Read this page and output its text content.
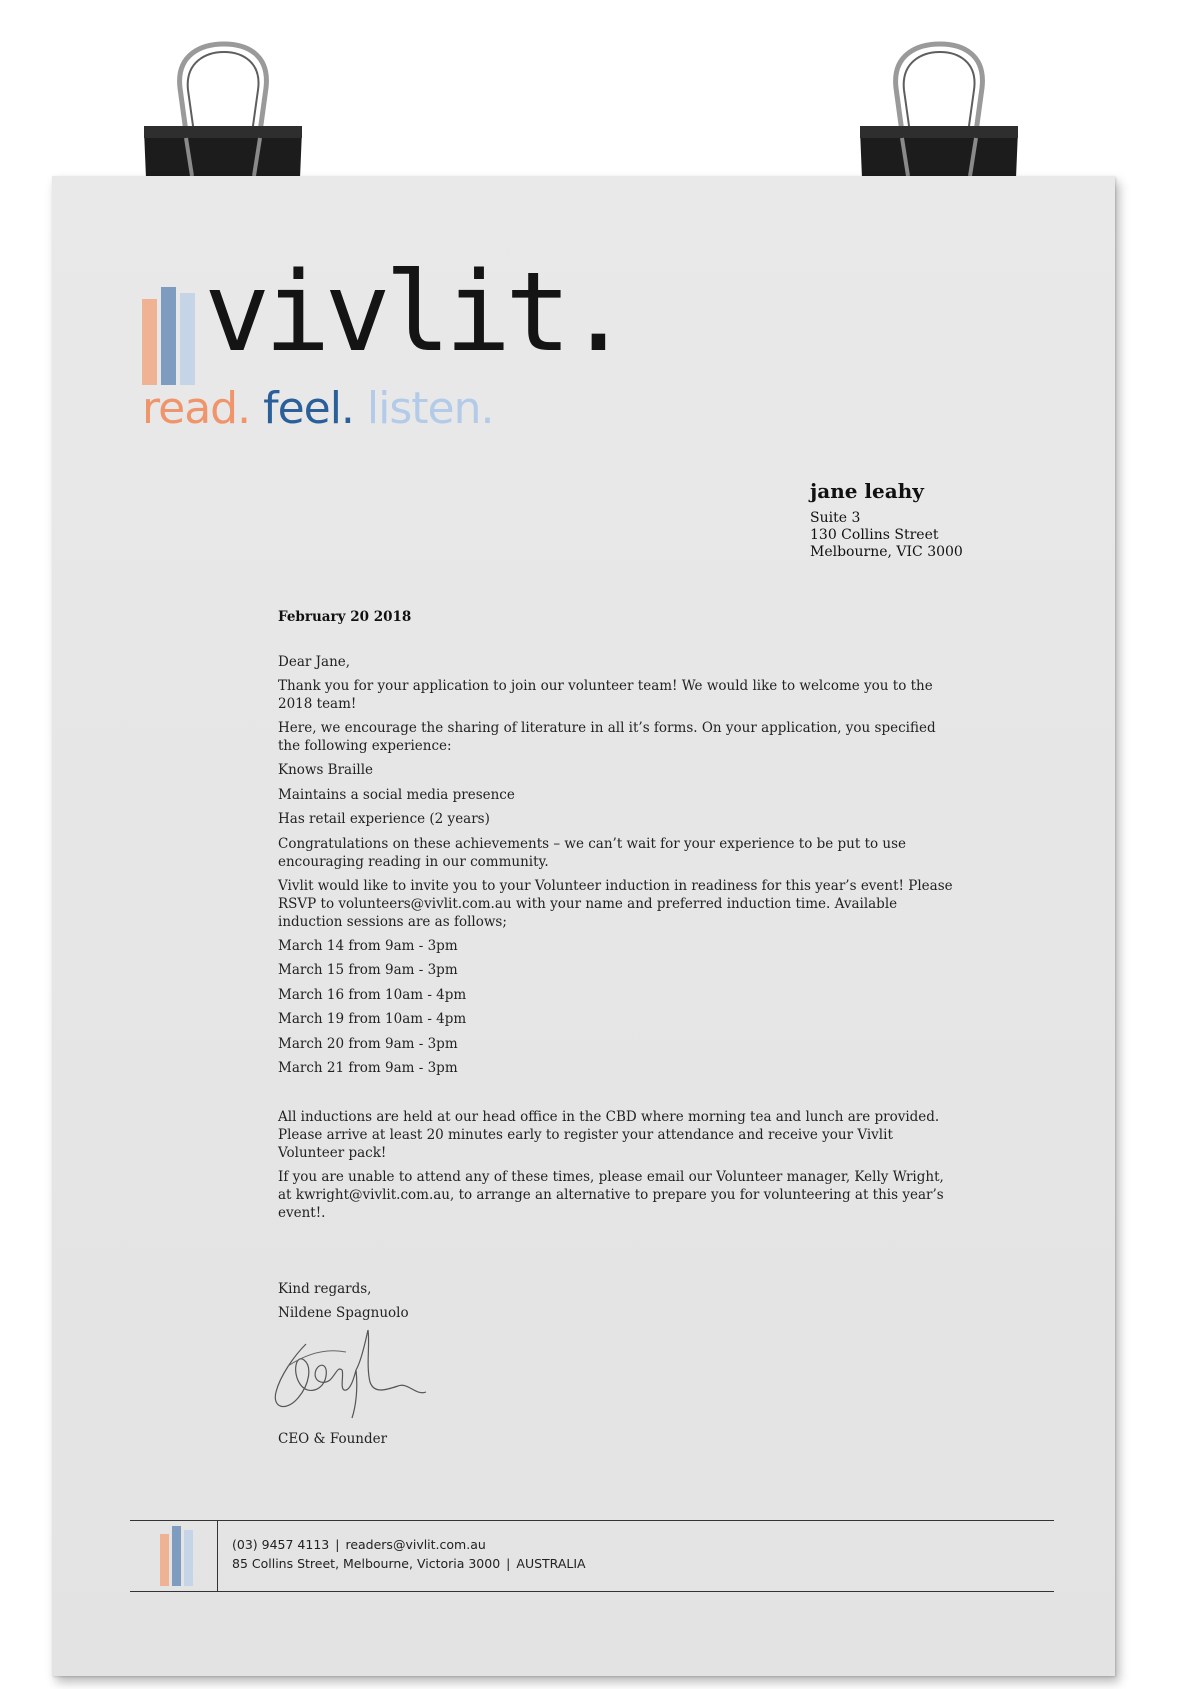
vivlit.
read. feel. listen.
jane leahy
Suite 3
130 Collins Street
Melbourne, VIC 3000
February 20 2018

Dear Jane,

Thank you for your application to join our volunteer team! We would like to welcome you to the 2018 team!

Here, we encourage the sharing of literature in all it’s forms. On your application, you specified the following experience:

Knows Braille

Maintains a social media presence

Has retail experience (2 years)

Congratulations on these achievements – we can’t wait for your experience to be put to use encouraging reading in our community.

Vivlit would like to invite you to your Volunteer induction in readiness for this year’s event! Please RSVP to volunteers@vivlit.com.au with your name and preferred induction time. Available induction sessions are as follows;

March 14 from 9am - 3pm

March 15 from 9am - 3pm

March 16 from 10am - 4pm

March 19 from 10am - 4pm

March 20 from 9am - 3pm

March 21 from 9am - 3pm

All inductions are held at our head office in the CBD where morning tea and lunch are provided. Please arrive at least 20 minutes early to register your attendance and receive your Vivlit Volunteer pack!

If you are unable to attend any of these times, please email our Volunteer manager, Kelly Wright, at kwright@vivlit.com.au, to arrange an alternative to prepare you for volunteering at this year’s event!.

Kind regards,

Nildene Spagnuolo

CEO & Founder

(03) 9457 4113 | readers@vivlit.com.au
85 Collins Street, Melbourne, Victoria 3000 | AUSTRALIA
